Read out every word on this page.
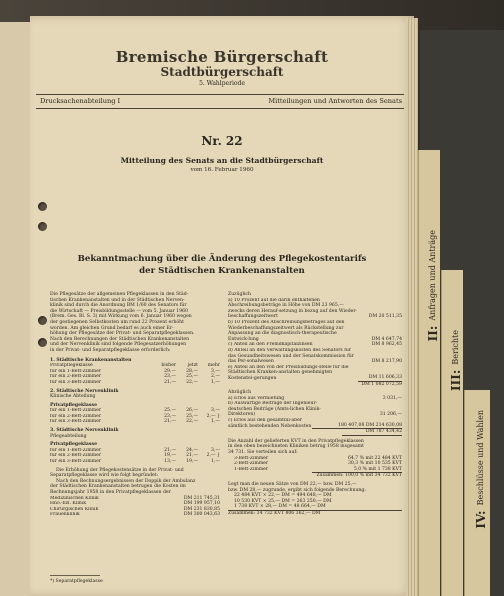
Bremische Bürgerschaft
Stadtbürgerschaft
5. Wahlperiode
Drucksachenabteilung I	Mitteilungen und Antworten des Senats
Nr. 22
Mitteilung des Senats an die Stadtbürgerschaft
vom 16. Februar 1960
Bekanntmachung über die Änderung des Pflegekostentarifs
der Städtischen Krankenanstalten
Die Pflegesätze der allgemeinen Pflegeklassen in den Städ-
tischen Krankenanstalten und in der Städtischen Nerven-
klinik sind durch die Anordnung BM 1/60 des Senators für
die Wirtschaft — Preisbildungsstelle — vom 5. Januar 1960
(Brem. Ges. Bl. S. 3) mit Wirkung vom 6. Januar 1960 wegen
der gestiegenen Selbstkosten um rund 22 Prozent erhöht
worden. Am gleichen Grund bedarf es auch einer Er-
höhung der Pflegesätze der Privat- und Separatpflegeklassen.
Nach den Berechnungen der Städtischen Krankenanstalten
und der Nervenklinik sind folgende Pflegesatzerhöhungen
in der Privat- und Separatpflegeklasse erforderlich:
1. Städtische Krankenanstalten
Privatpflegeklasse	bisher	jetzt	mehr
für ein 1-Bett-Zimmer	29,—	28,—	3,—
für ein 2-Bett-Zimmer	23,—	25,—	2,—
für ein 3-Bett-Zimmer	21,—	22,—	1,—
2. Städtische Nervenklinik
Klinische Abteilung
Privatpflegeklasse
für ein 1-Bett-Zimmer	25,—	26,—	3,—
für ein 2-Bett-Zimmer	23,—	25,—	2,— }
für ein 3-Bett-Zimmer	21,—	22,—	1,—
3. Städtische Nervenklinik
Pflegeabteilung
Privatpflegeklasse
für ein 1-Bett-Zimmer	21,—	24,—	3,—
für ein 2-Bett-Zimmer	19,—	21,—	2,— }
für ein 3-Bett-Zimmer	13,—	19,—	1,—
Die Erhöhung der Pflegekostensätze in der Privat- und
Separatpflegeklasse wird wie folgt begründet:
Nach den Rechnungsergebnissen der Doppik der Ambulanz
der Städtischen Krankenanstalten betrugen die Kosten im
Rechnungsjahr 1958 in den Privatpflegeklassen der
Medizinischen Klinik	DM 211 745,31
Hno.-bzl. Klinik	DM 199 957,10
Chirurgischen Klinik	DM 231 830,85
Frauenklinik	DM 300 043,63
*) Separatpflegeklasse
Zuzüglich
a) 10 Prozent auf die darin enthaltenen Abschreibungsbeträge in Höhe von DM 23 965,— zwecks deren Herauf-setzung in bezug auf den Wieder-beschaffungszeitwert	DM 20 511,35
b) 10 Prozent des Abschreibungsbetrages auf den Wiederbeschaffungszeitwert als Rückstellung zur Anpassung an die diagnostisch-therapeutische Entwick-lung	DM 4 647,74
c) Anteil an den Fremdkapitalzinsen	DM 8 962,45
d) Anteil an den Verwaltungskosten des Senators für das Gesundheitswesen und der Senatskommission für das Per-sonalwesen	DM 8 217,90
e) Anteil an den von der Preisbildungs-stelle für die Städtischen Kranken-anstalten genehmigten Kostenstei-gerungen	DM 11 606,33
DM 1 082 072,59
Abzüglich
a) Erlös aus Vermietung	3 031,—
b) Auswärtige Beiträge der Ingenieur-deutschen Beiträge (Amts-lichen Klinik-Direktoren)	31 206,—
c) Erlös aus den gesamtbil-aber sämtlich bestehenden Nebenkosten	180 407,08 DM 214 630,08
DM 787 434,42
Die Anzahl der gelieferten KVT in den Privatpflegeklassen
in den oben bezeichneten Kliniken betrug 1958 insgesamt
34 731. Sie verteilen sich auf:
3-Bett-Zimmer	64,7 % mit 22 484 KVT
2-Bett-Zimmer	30,3 % mit 10 535 KVT
1-Bett-Zimmer	5,0 % mit 1 738 KVT
Zusammen: 100,0 % mit 34 732 KVT
Legt man die neuen Sätze von DM 22,— bzw. DM 25,—
bzw. DM 28,— zugrunde, ergibt sich folgende Berechnung:
22 484 KVT × 22,— DM = 494 648,— DM
10 530 KVT × 25,— DM = 263 250,— DM
1 738 KVT × 28,— DM = 48 664,— DM
Zusammen: 34 732 KVT 806 362,— DM
II: Anfragen und Anträge
III: Berichte
IV: Beschlüsse und Wahlen
